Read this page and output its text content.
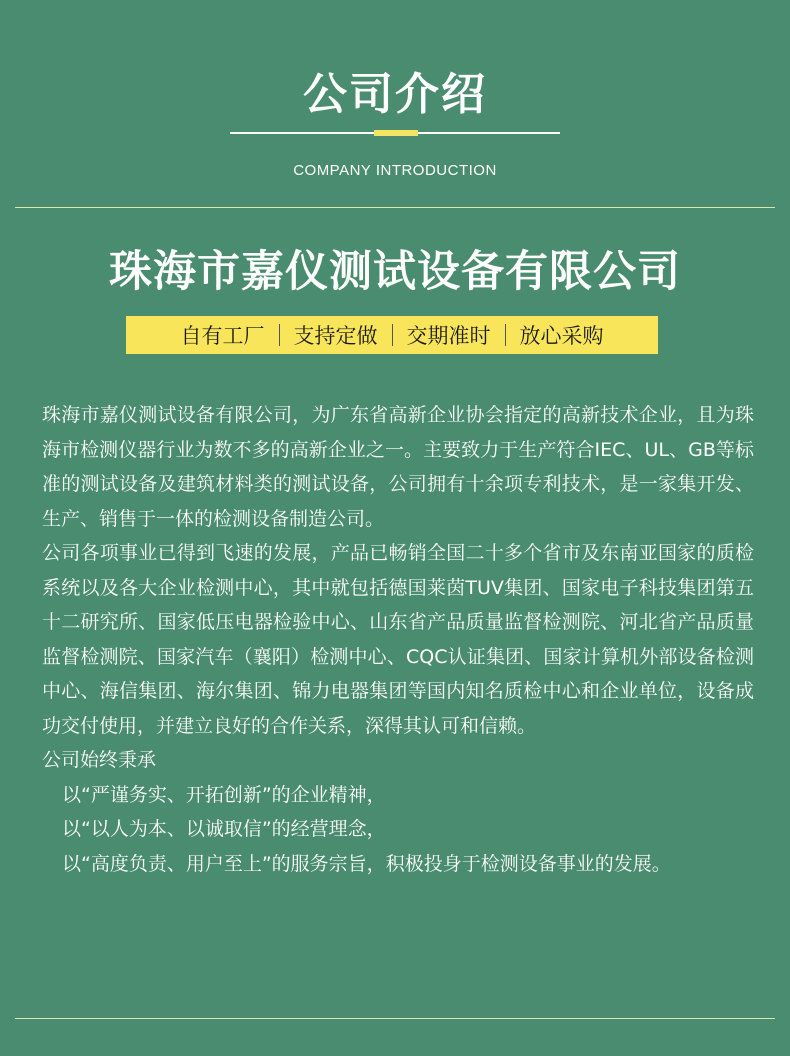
公司介绍
COMPANY INTRODUCTION
珠海市嘉仪测试设备有限公司
自有工厂	支持定做	交期准时	放心采购

珠海市嘉仪测试设备有限公司，为广东省高新企业协会指定的高新技术企业，且为珠海市检测仪器行业为数不多的高新企业之一。主要致力于生产符合IEC、UL、GB等标准的测试设备及建筑材料类的测试设备，公司拥有十余项专利技术，是一家集开发、生产、销售于一体的检测设备制造公司。

公司各项事业已得到飞速的发展，产品已畅销全国二十多个省市及东南亚国家的质检系统以及各大企业检测中心，其中就包括德国莱茵TUV集团、国家电子科技集团第五十二研究所、国家低压电器检验中心、山东省产品质量监督检测院、河北省产品质量监督检测院、国家汽车（襄阳）检测中心、CQC认证集团、国家计算机外部设备检测中心、海信集团、海尔集团、锦力电器集团等国内知名质检中心和企业单位，设备成功交付使用，并建立良好的合作关系，深得其认可和信赖。

公司始终秉承

以“严谨务实、开拓创新”的企业精神，

以“以人为本、以诚取信”的经营理念，

以“高度负责、用户至上”的服务宗旨，积极投身于检测设备事业的发展。
